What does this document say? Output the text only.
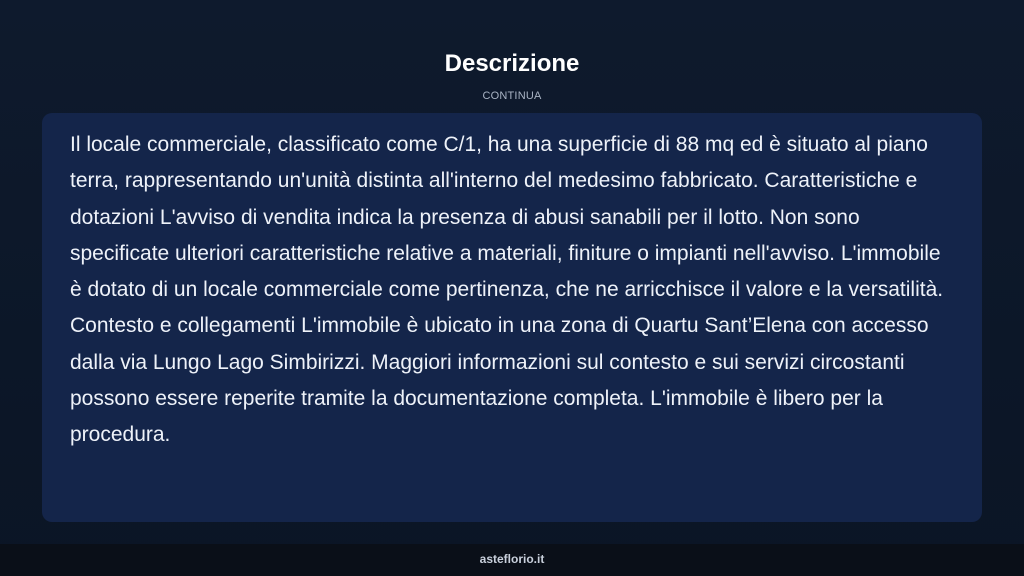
Descrizione
CONTINUA

Il locale commerciale, classificato come C/1, ha una superficie di 88 mq ed è situato al piano terra, rappresentando un'unità distinta all'interno del medesimo fabbricato. Caratteristiche e dotazioni L'avviso di vendita indica la presenza di abusi sanabili per il lotto. Non sono specificate ulteriori caratteristiche relative a materiali, finiture o impianti nell'avviso. L'immobile è dotato di un locale commerciale come pertinenza, che ne arricchisce il valore e la versatilità. Contesto e collegamenti L'immobile è ubicato in una zona di Quartu Sant’Elena con accesso dalla via Lungo Lago Simbirizzi. Maggiori informazioni sul contesto e sui servizi circostanti possono essere reperite tramite la documentazione completa. L'immobile è libero per la procedura.

asteflorio.it
